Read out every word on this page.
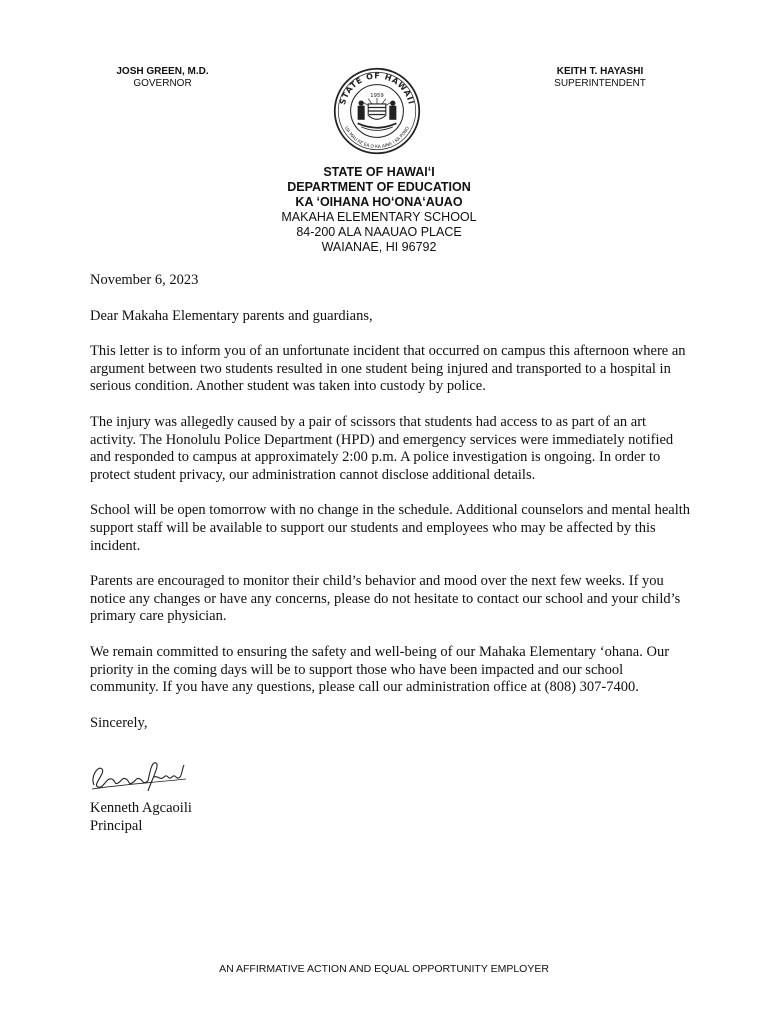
JOSH GREEN, M.D.
GOVERNOR
STATE OF HAWAII
UA MAU KE EA O KA AINA I KA PONO
1959
KEITH T. HAYASHI
SUPERINTENDENT
STATE OF HAWAIʻI
DEPARTMENT OF EDUCATION
KA ʻOIHANA HOʻONAʻAUAO
MAKAHA ELEMENTARY SCHOOL
84-200 ALA NAAUAO PLACE
WAIANAE, HI 96792

November 6, 2023

Dear Makaha Elementary parents and guardians,

This letter is to inform you of an unfortunate incident that occurred on campus this afternoon where an argument between two students resulted in one student being injured and transported to a hospital in serious condition. Another student was taken into custody by police.

The injury was allegedly caused by a pair of scissors that students had access to as part of an art activity. The Honolulu Police Department (HPD) and emergency services were immediately notified and responded to campus at approximately 2:00 p.m. A police investigation is ongoing. In order to protect student privacy, our administration cannot disclose additional details.

School will be open tomorrow with no change in the schedule. Additional counselors and mental health support staff will be available to support our students and employees who may be affected by this incident.

Parents are encouraged to monitor their child’s behavior and mood over the next few weeks. If you notice any changes or have any concerns, please do not hesitate to contact our school and your child’s primary care physician.

We remain committed to ensuring the safety and well-being of our Mahaka Elementary ʻohana. Our priority in the coming days will be to support those who have been impacted and our school community. If you have any questions, please call our administration office at (808) 307-7400.

Sincerely,

Kenneth Agcaoili
Principal
AN AFFIRMATIVE ACTION AND EQUAL OPPORTUNITY EMPLOYER
